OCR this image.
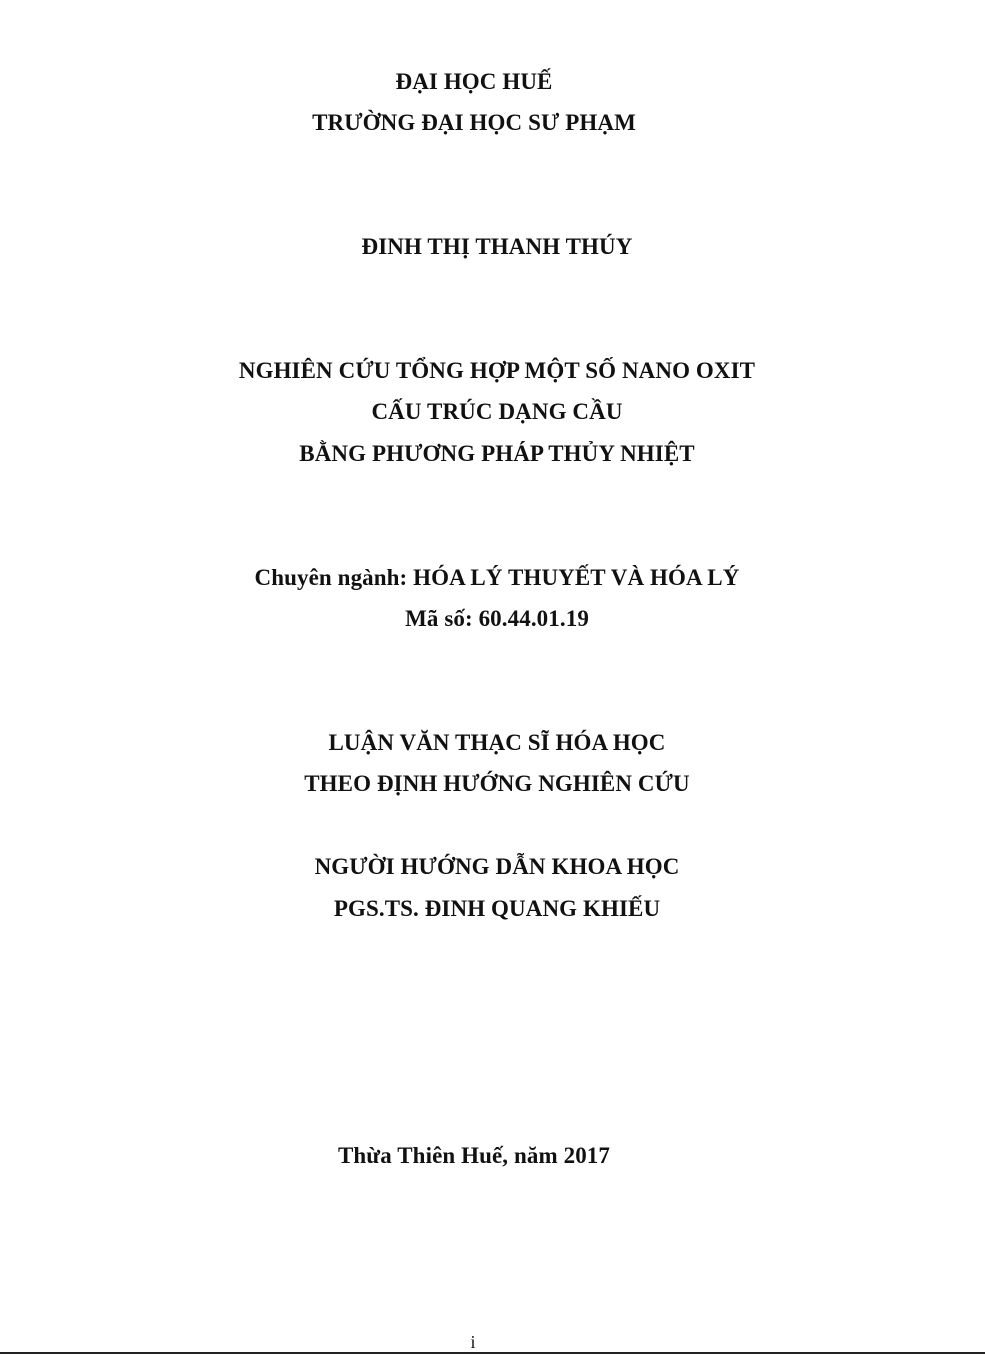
ĐẠI HỌC HUẾ
TRƯỜNG ĐẠI HỌC SƯ PHẠM
ĐINH THỊ THANH THÚY
NGHIÊN CỨU TỔNG HỢP MỘT SỐ NANO OXIT
CẤU TRÚC DẠNG CẦU
BẰNG PHƯƠNG PHÁP THỦY NHIỆT
Chuyên ngành: HÓA LÝ THUYẾT VÀ HÓA LÝ
Mã số: 60.44.01.19
LUẬN VĂN THẠC SĨ HÓA HỌC
THEO ĐỊNH HƯỚNG NGHIÊN CỨU
NGƯỜI HƯỚNG DẪN KHOA HỌC
PGS.TS. ĐINH QUANG KHIẾU
Thừa Thiên Huế, năm 2017
i
